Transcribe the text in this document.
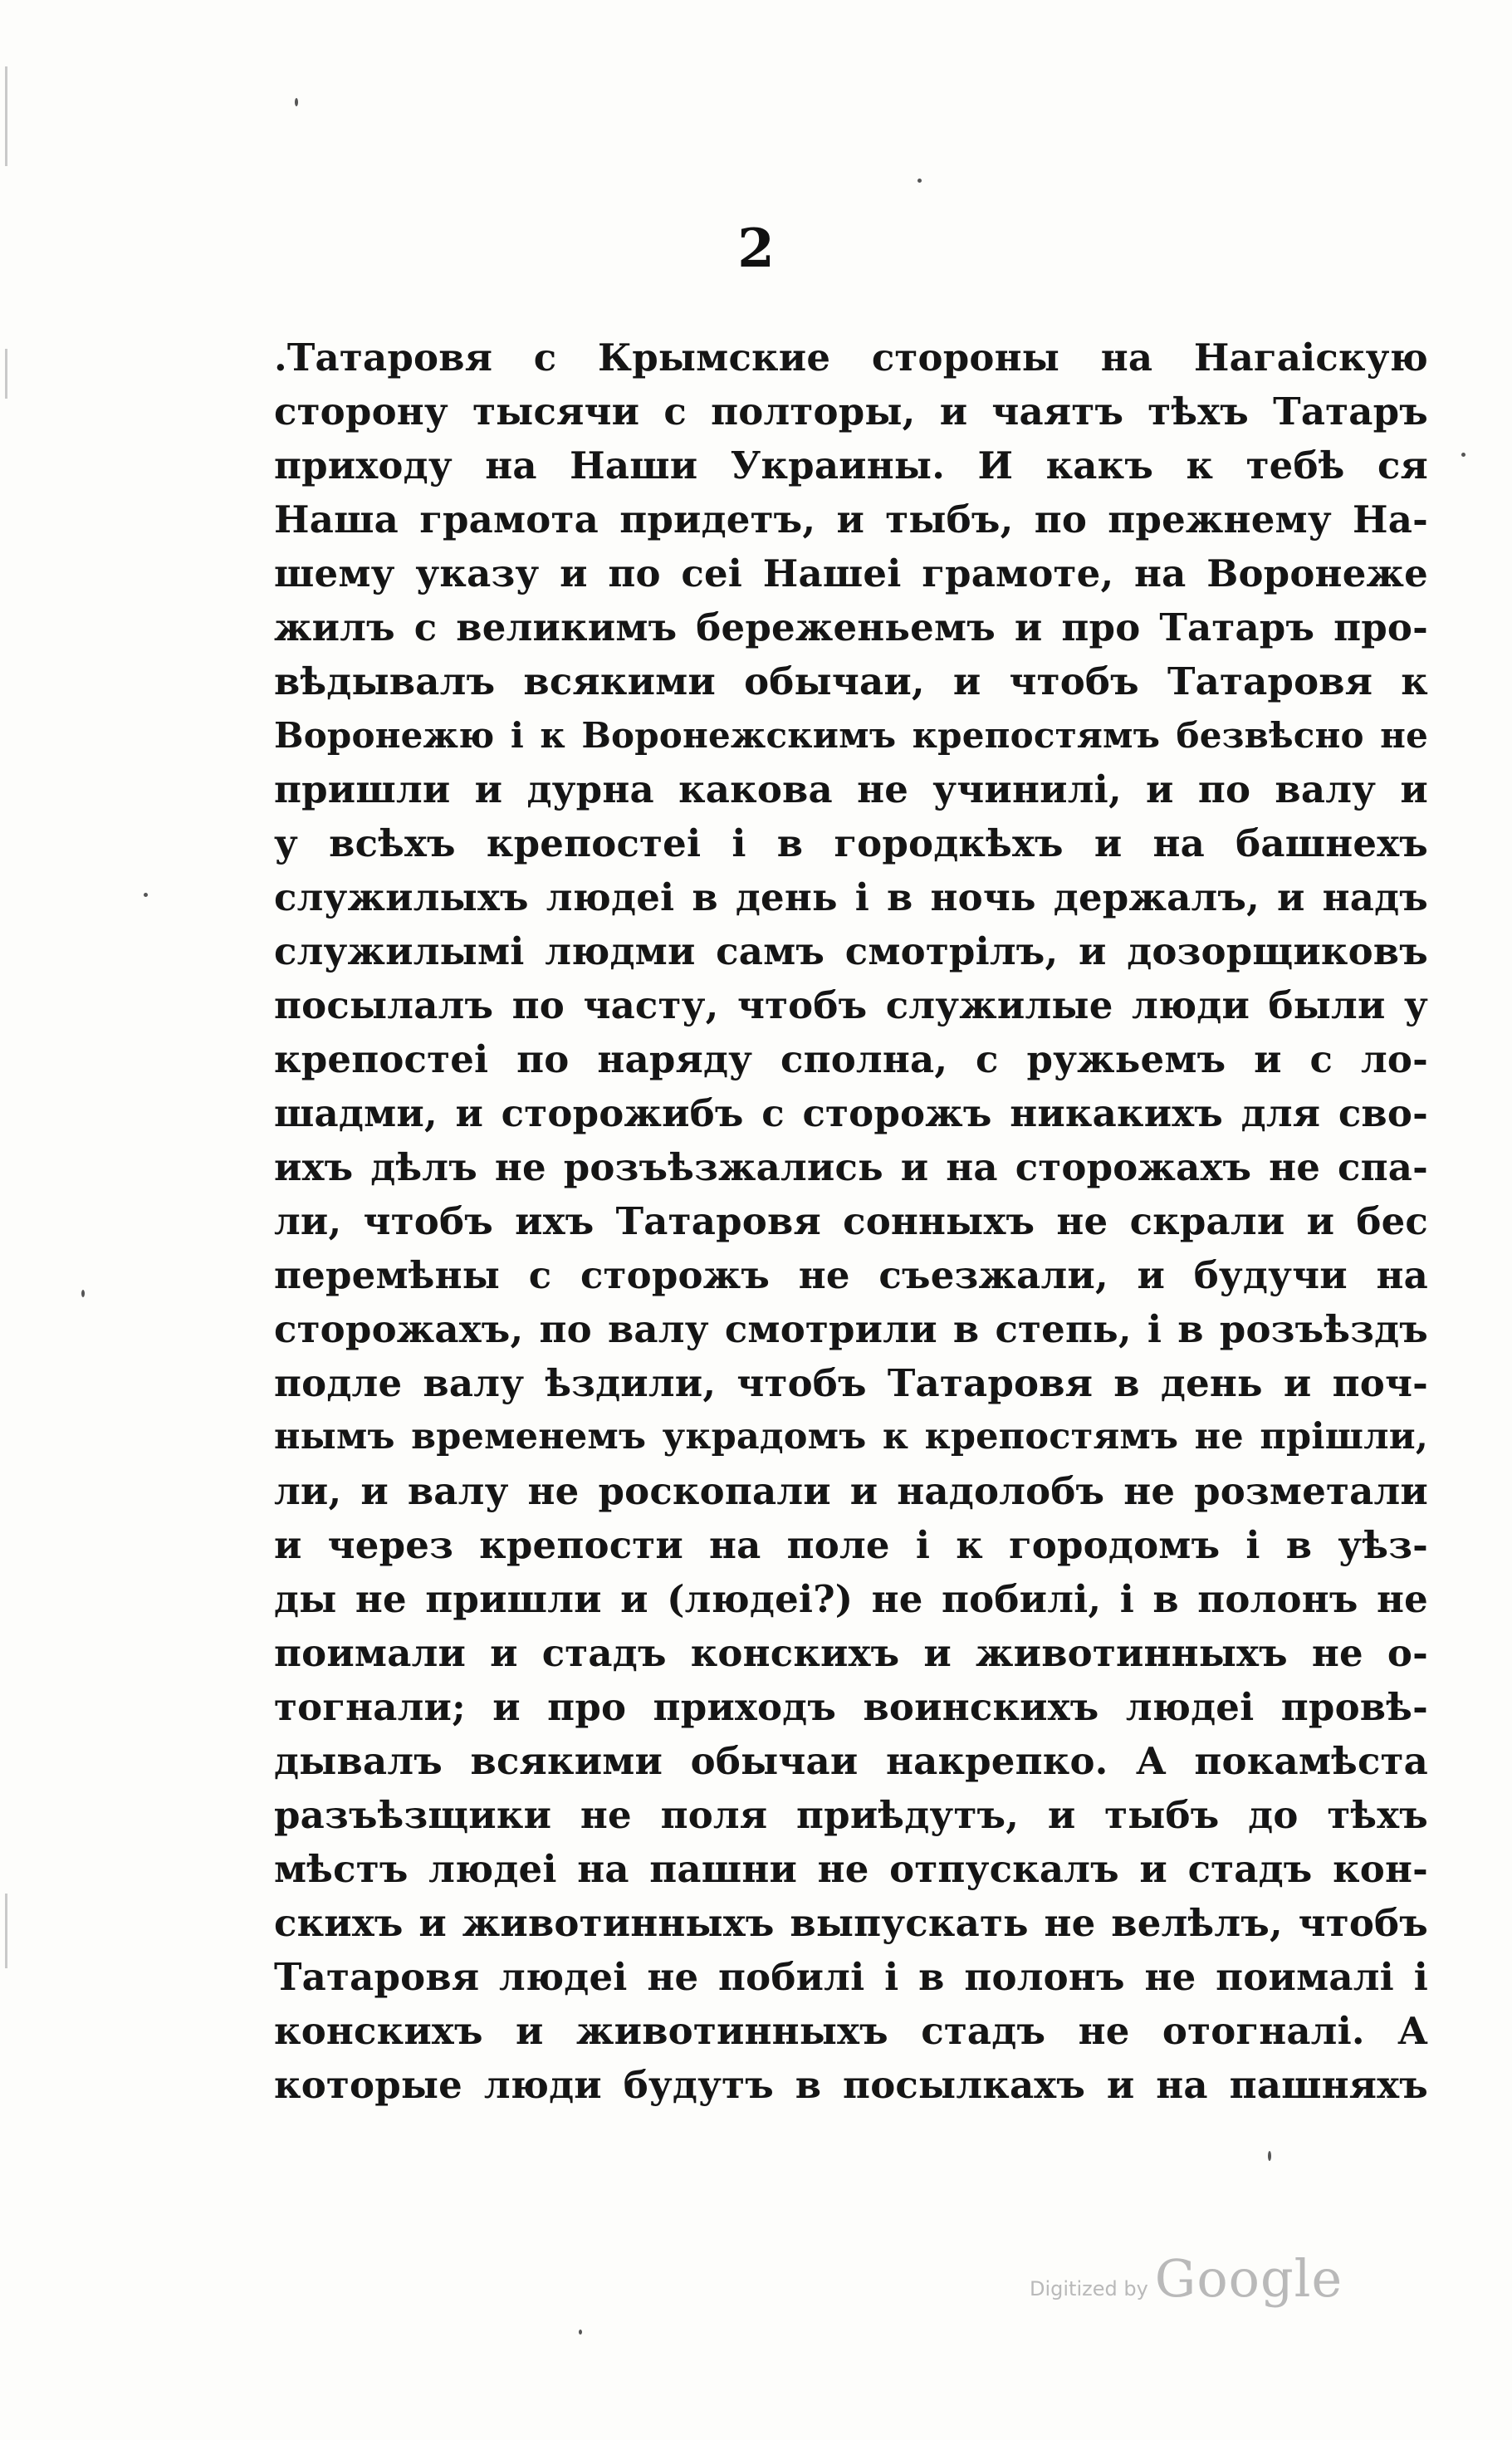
2
.Татаровя с Крымские стороны на Нагаіскую
сторону тысячи с полторы, и чаятъ тѣхъ Татаръ
приходу на Наши Украины. И какъ к тебѣ ся
Наша грамота придетъ, и тыбъ, по прежнему На-
шему указу и по сеі Нашеі грамоте, на Воронеже
жилъ с великимъ береженьемъ и про Татаръ про-
вѣдывалъ всякими обычаи, и чтобъ Татаровя к
Воронежю і к Воронежскимъ крепостямъ безвѣсно не
пришли и дурна какова не учинилі, и по валу и
у всѣхъ крепостеі і в городкѣхъ и на башнехъ
служилыхъ людеі в день і в ночь держалъ, и надъ
служилымі людми самъ смотрілъ, и дозорщиковъ
посылалъ по часту, чтобъ служилые люди были у
крепостеі по наряду сполна, с ружьемъ и с ло-
шадми, и сторожибъ с сторожъ никакихъ для сво-
ихъ дѣлъ не розъѣзжались и на сторожахъ не спа-
ли, чтобъ ихъ Татаровя сонныхъ не скрали и бес
перемѣны с сторожъ не съезжали, и будучи на
сторожахъ, по валу смотрили в степь, і в розъѣздъ
подле валу ѣздили, чтобъ Татаровя в день и поч-
нымъ временемъ украдомъ к крепостямъ не прішли,
ли, и валу не роскопали и надолобъ не розметали
и через крепости на поле і к городомъ і в уѣз-
ды не пришли и (людеі?) не побилі, і в полонъ не
поимали и стадъ конскихъ и животинныхъ не о-
тогнали; и про приходъ воинскихъ людеі провѣ-
дывалъ всякими обычаи накрепко. А покамѣста
разъѣзщики не поля приѣдутъ, и тыбъ до тѣхъ
мѣстъ людеі на пашни не отпускалъ и стадъ кон-
скихъ и животинныхъ выпускать не велѣлъ, чтобъ
Татаровя людеі не побилі і в полонъ не поималі і
конскихъ и животинныхъ стадъ не отогналі. А
которые люди будутъ в посылкахъ и на пашняхъ
Digitized by Google
